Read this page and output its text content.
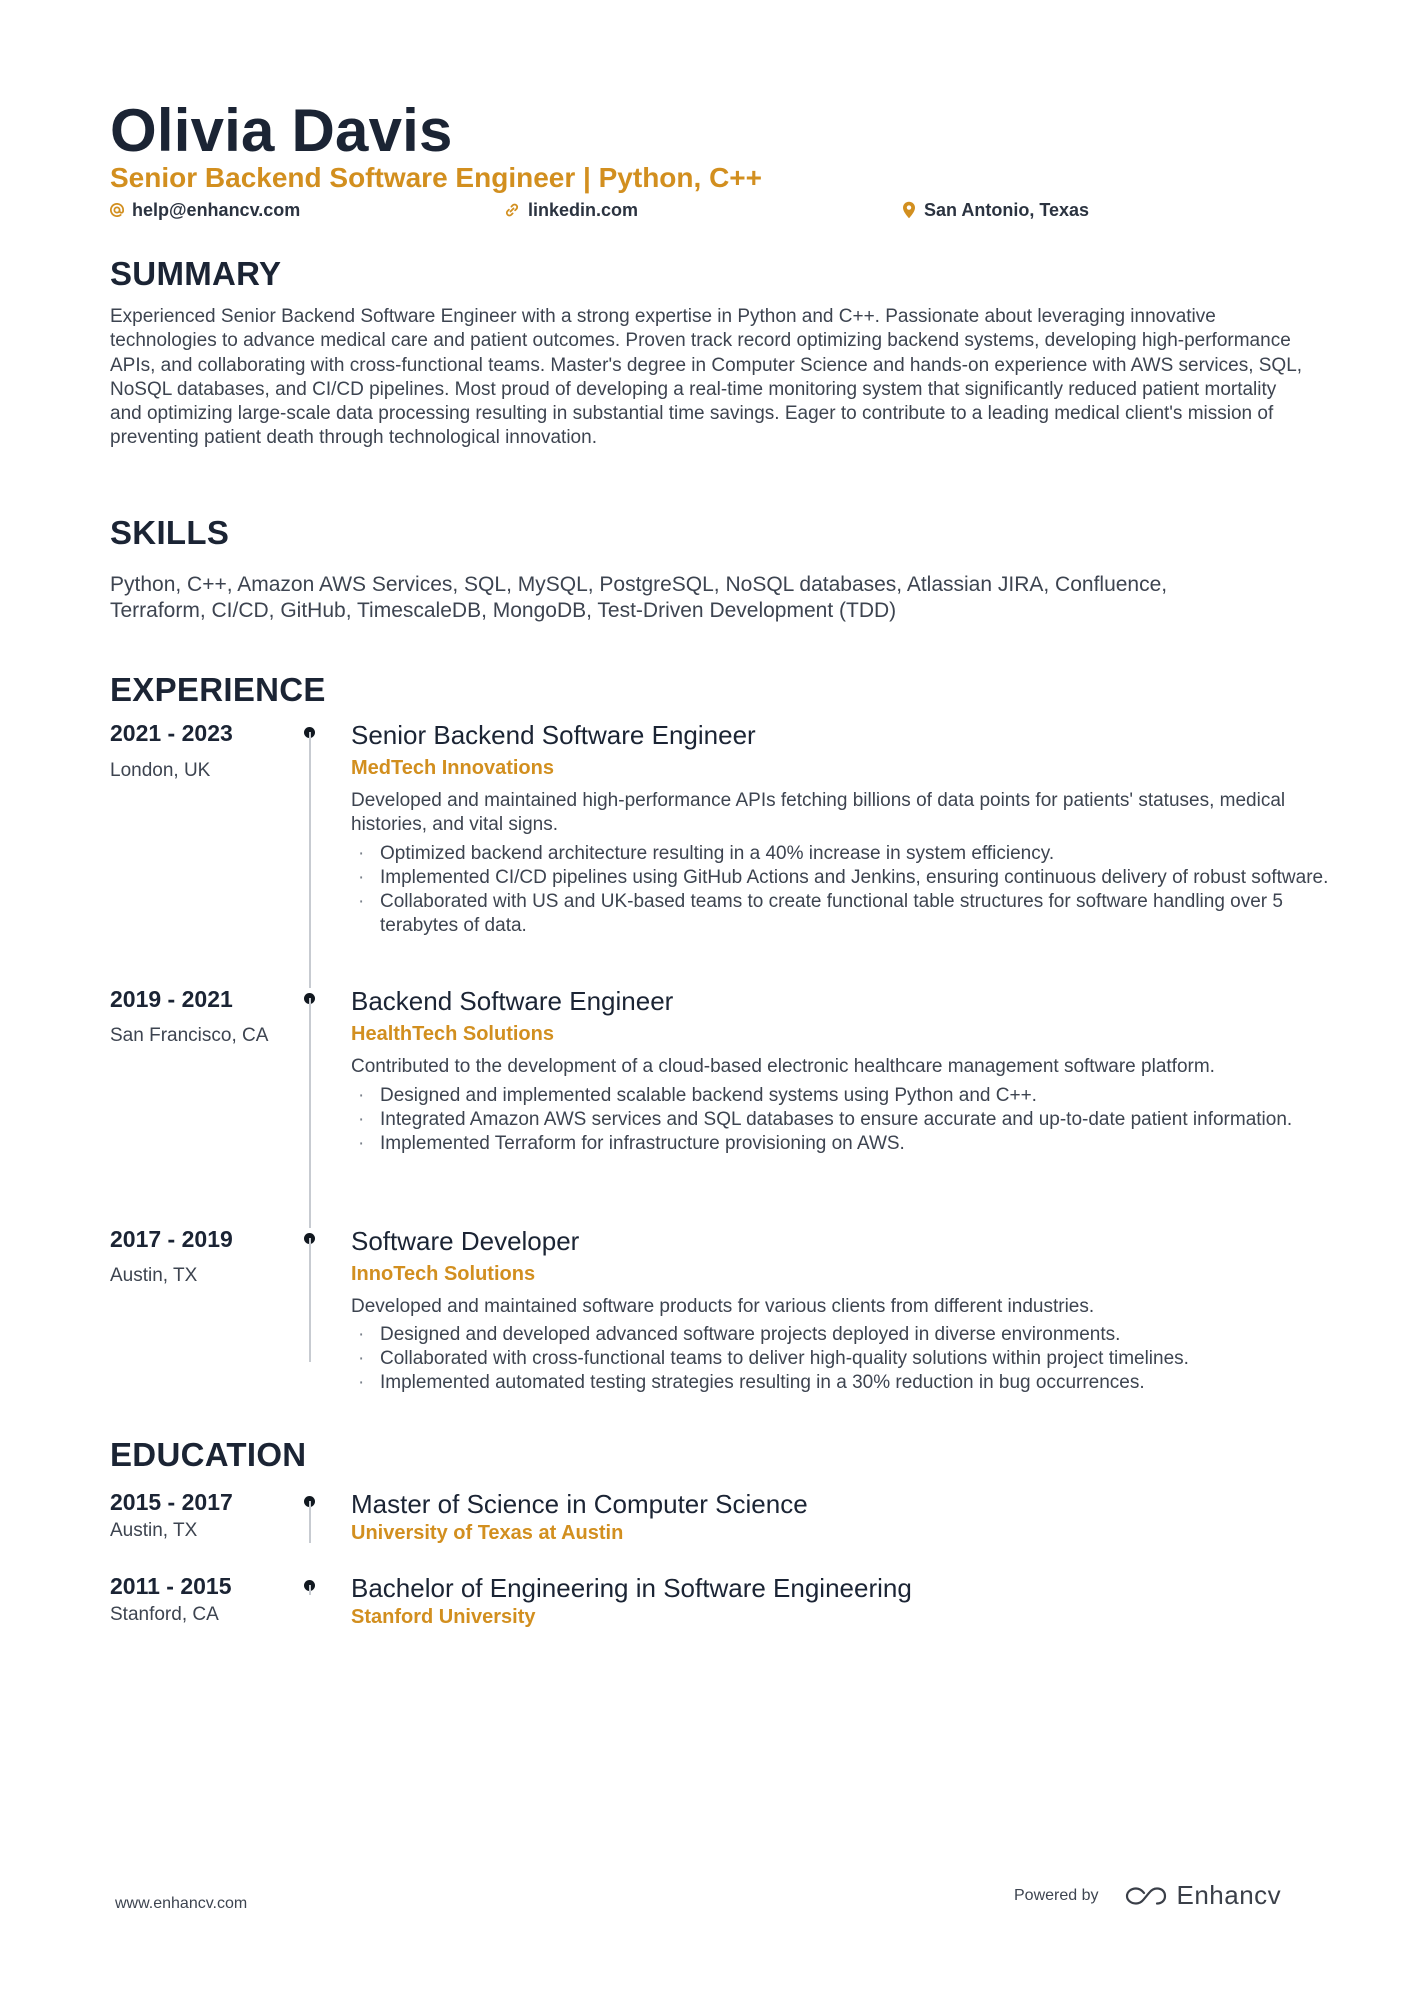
Olivia Davis
Senior Backend Software Engineer | Python, C++
help@enhancv.com	linkedin.com	San Antonio, Texas
SUMMARY

Experienced Senior Backend Software Engineer with a strong expertise in Python and C++. Passionate about leveraging innovative technologies to advance medical care and patient outcomes. Proven track record optimizing backend systems, developing high-performance APIs, and collaborating with cross-functional teams. Master's degree in Computer Science and hands-on experience with AWS services, SQL, NoSQL databases, and CI/CD pipelines. Most proud of developing a real-time monitoring system that significantly reduced patient mortality and optimizing large-scale data processing resulting in substantial time savings. Eager to contribute to a leading medical client's mission of preventing patient death through technological innovation.

SKILLS

Python, C++, Amazon AWS Services, SQL, MySQL, PostgreSQL, NoSQL databases, Atlassian JIRA, Confluence, Terraform, CI/CD, GitHub, TimescaleDB, MongoDB, Test-Driven Development (TDD)

EXPERIENCE
2021 - 2023
London, UK
Senior Backend Software Engineer
MedTech Innovations
Developed and maintained high-performance APIs fetching billions of data points for patients' statuses, medical histories, and vital signs.
· Optimized backend architecture resulting in a 40% increase in system efficiency.
· Implemented CI/CD pipelines using GitHub Actions and Jenkins, ensuring continuous delivery of robust software.
· Collaborated with US and UK-based teams to create functional table structures for software handling over 5 terabytes of data.
2019 - 2021
San Francisco, CA
Backend Software Engineer
HealthTech Solutions
Contributed to the development of a cloud-based electronic healthcare management software platform.
· Designed and implemented scalable backend systems using Python and C++.
· Integrated Amazon AWS services and SQL databases to ensure accurate and up-to-date patient information.
· Implemented Terraform for infrastructure provisioning on AWS.
2017 - 2019
Austin, TX
Software Developer
InnoTech Solutions
Developed and maintained software products for various clients from different industries.
· Designed and developed advanced software projects deployed in diverse environments.
· Collaborated with cross-functional teams to deliver high-quality solutions within project timelines.
· Implemented automated testing strategies resulting in a 30% reduction in bug occurrences.
EDUCATION
2015 - 2017
Austin, TX
Master of Science in Computer Science
University of Texas at Austin
2011 - 2015
Stanford, CA
Bachelor of Engineering in Software Engineering
Stanford University
www.enhancv.com	Powered by	Enhancv
